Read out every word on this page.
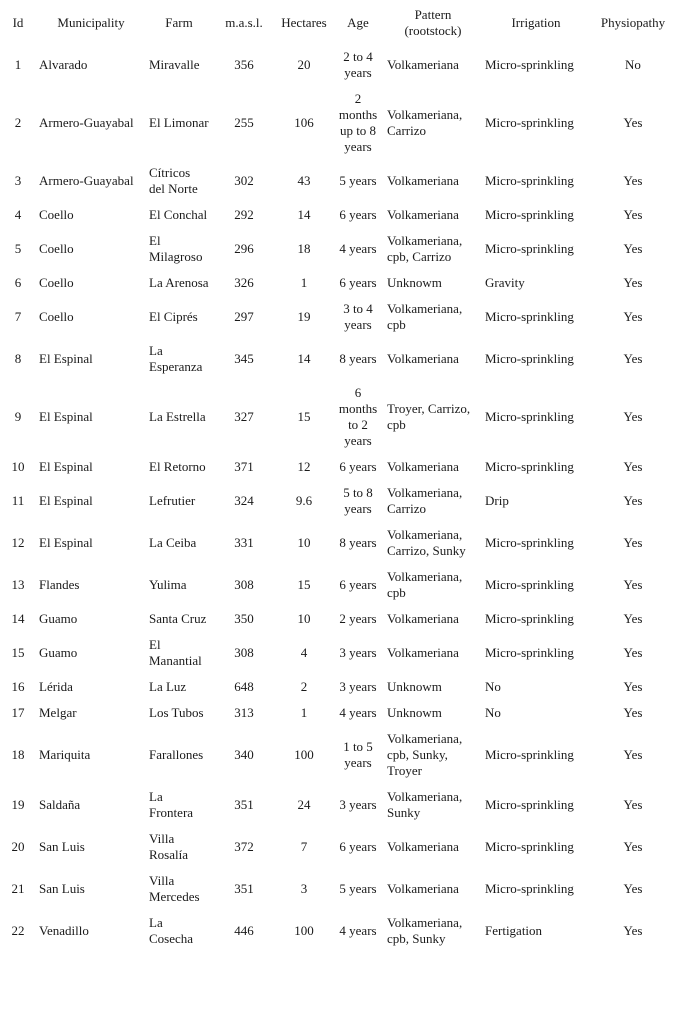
Id	Municipality	Farm	m.a.s.l.	Hectares	Age	Pattern (rootstock)	Irrigation	Physiopathy
1	Alvarado	Miravalle	356	20	2 to 4 years	Volkameriana	Micro-sprinkling	No
2	Armero-Guayabal	El Limonar	255	106	2 months up to 8 years	Volkameriana, Carrizo	Micro-sprinkling	Yes
3	Armero-Guayabal	Cítricos del Norte	302	43	5 years	Volkameriana	Micro-sprinkling	Yes
4	Coello	El Conchal	292	14	6 years	Volkameriana	Micro-sprinkling	Yes
5	Coello	El Milagroso	296	18	4 years	Volkameriana, cpb, Carrizo	Micro-sprinkling	Yes
6	Coello	La Arenosa	326	1	6 years	Unknowm	Gravity	Yes
7	Coello	El Ciprés	297	19	3 to 4 years	Volkameriana, cpb	Micro-sprinkling	Yes
8	El Espinal	La Esperanza	345	14	8 years	Volkameriana	Micro-sprinkling	Yes
9	El Espinal	La Estrella	327	15	6 months to 2 years	Troyer, Carrizo, cpb	Micro-sprinkling	Yes
10	El Espinal	El Retorno	371	12	6 years	Volkameriana	Micro-sprinkling	Yes
11	El Espinal	Lefrutier	324	9.6	5 to 8 years	Volkameriana, Carrizo	Drip	Yes
12	El Espinal	La Ceiba	331	10	8 years	Volkameriana, Carrizo, Sunky	Micro-sprinkling	Yes
13	Flandes	Yulima	308	15	6 years	Volkameriana, cpb	Micro-sprinkling	Yes
14	Guamo	Santa Cruz	350	10	2 years	Volkameriana	Micro-sprinkling	Yes
15	Guamo	El Manantial	308	4	3 years	Volkameriana	Micro-sprinkling	Yes
16	Lérida	La Luz	648	2	3 years	Unknowm	No	Yes
17	Melgar	Los Tubos	313	1	4 years	Unknowm	No	Yes
18	Mariquita	Farallones	340	100	1 to 5 years	Volkameriana, cpb, Sunky, Troyer	Micro-sprinkling	Yes
19	Saldaña	La Frontera	351	24	3 years	Volkameriana, Sunky	Micro-sprinkling	Yes
20	San Luis	Villa Rosalía	372	7	6 years	Volkameriana	Micro-sprinkling	Yes
21	San Luis	Villa Mercedes	351	3	5 years	Volkameriana	Micro-sprinkling	Yes
22	Venadillo	La Cosecha	446	100	4 years	Volkameriana, cpb, Sunky	Fertigation	Yes
